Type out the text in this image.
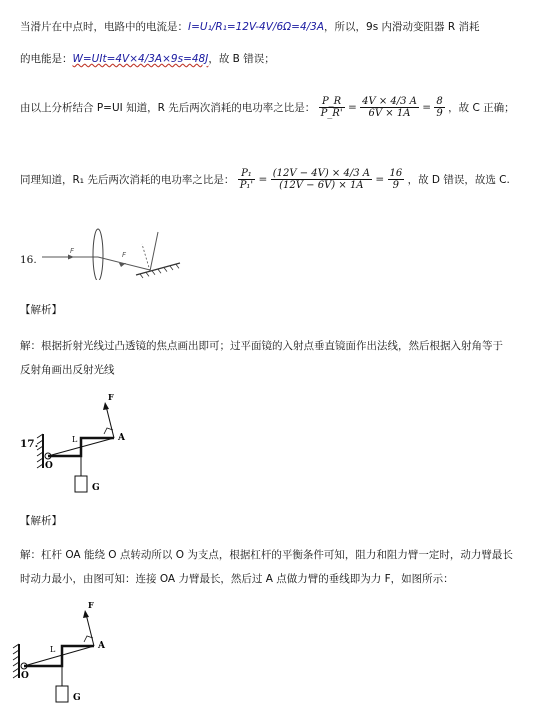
当滑片在中点时，电路中的电流是：I=U₁/R₁=12V-4V/6Ω=4/3A，所以，9s 内滑动变阻器 R 消耗
的电能是：W=UIt=4V×4/3A×9s=48J，故 B 错误；
由以上分析结合 P=UI 知道，R 先后两次消耗的电功率之比是： $\frac{P\_R}{P\_R'} = \frac{4V \times 4/3 A}{6V \times 1A} = \frac{8}{9}$ ，故 C 正确；
同理知道，R₁ 先后两次消耗的电功率之比是： $\frac{\text{P₁}}{\text{P₁'}} = \frac{(12V - 4V) \times 4/3 A}{(12V - 6V) \times 1A} = \frac{16}{9}$ ，故 D 错误，故选 C.
16.
F	F
【解析】
解：根据折射光线过凸透镜的焦点画出即可；过平面镜的入射点垂直镜面作出法线，然后根据入射角等于
反射角画出反射光线
17.
O
L	A
F
G
【解析】
解：杠杆 OA 能绕 O 点转动所以 O 为支点，根据杠杆的平衡条件可知，阻力和阻力臂一定时，动力臂最长
时动力最小，由图可知：连接 OA 力臂最长，然后过 A 点做力臂的垂线即为力 F，如图所示：
O
L	A
F
G
